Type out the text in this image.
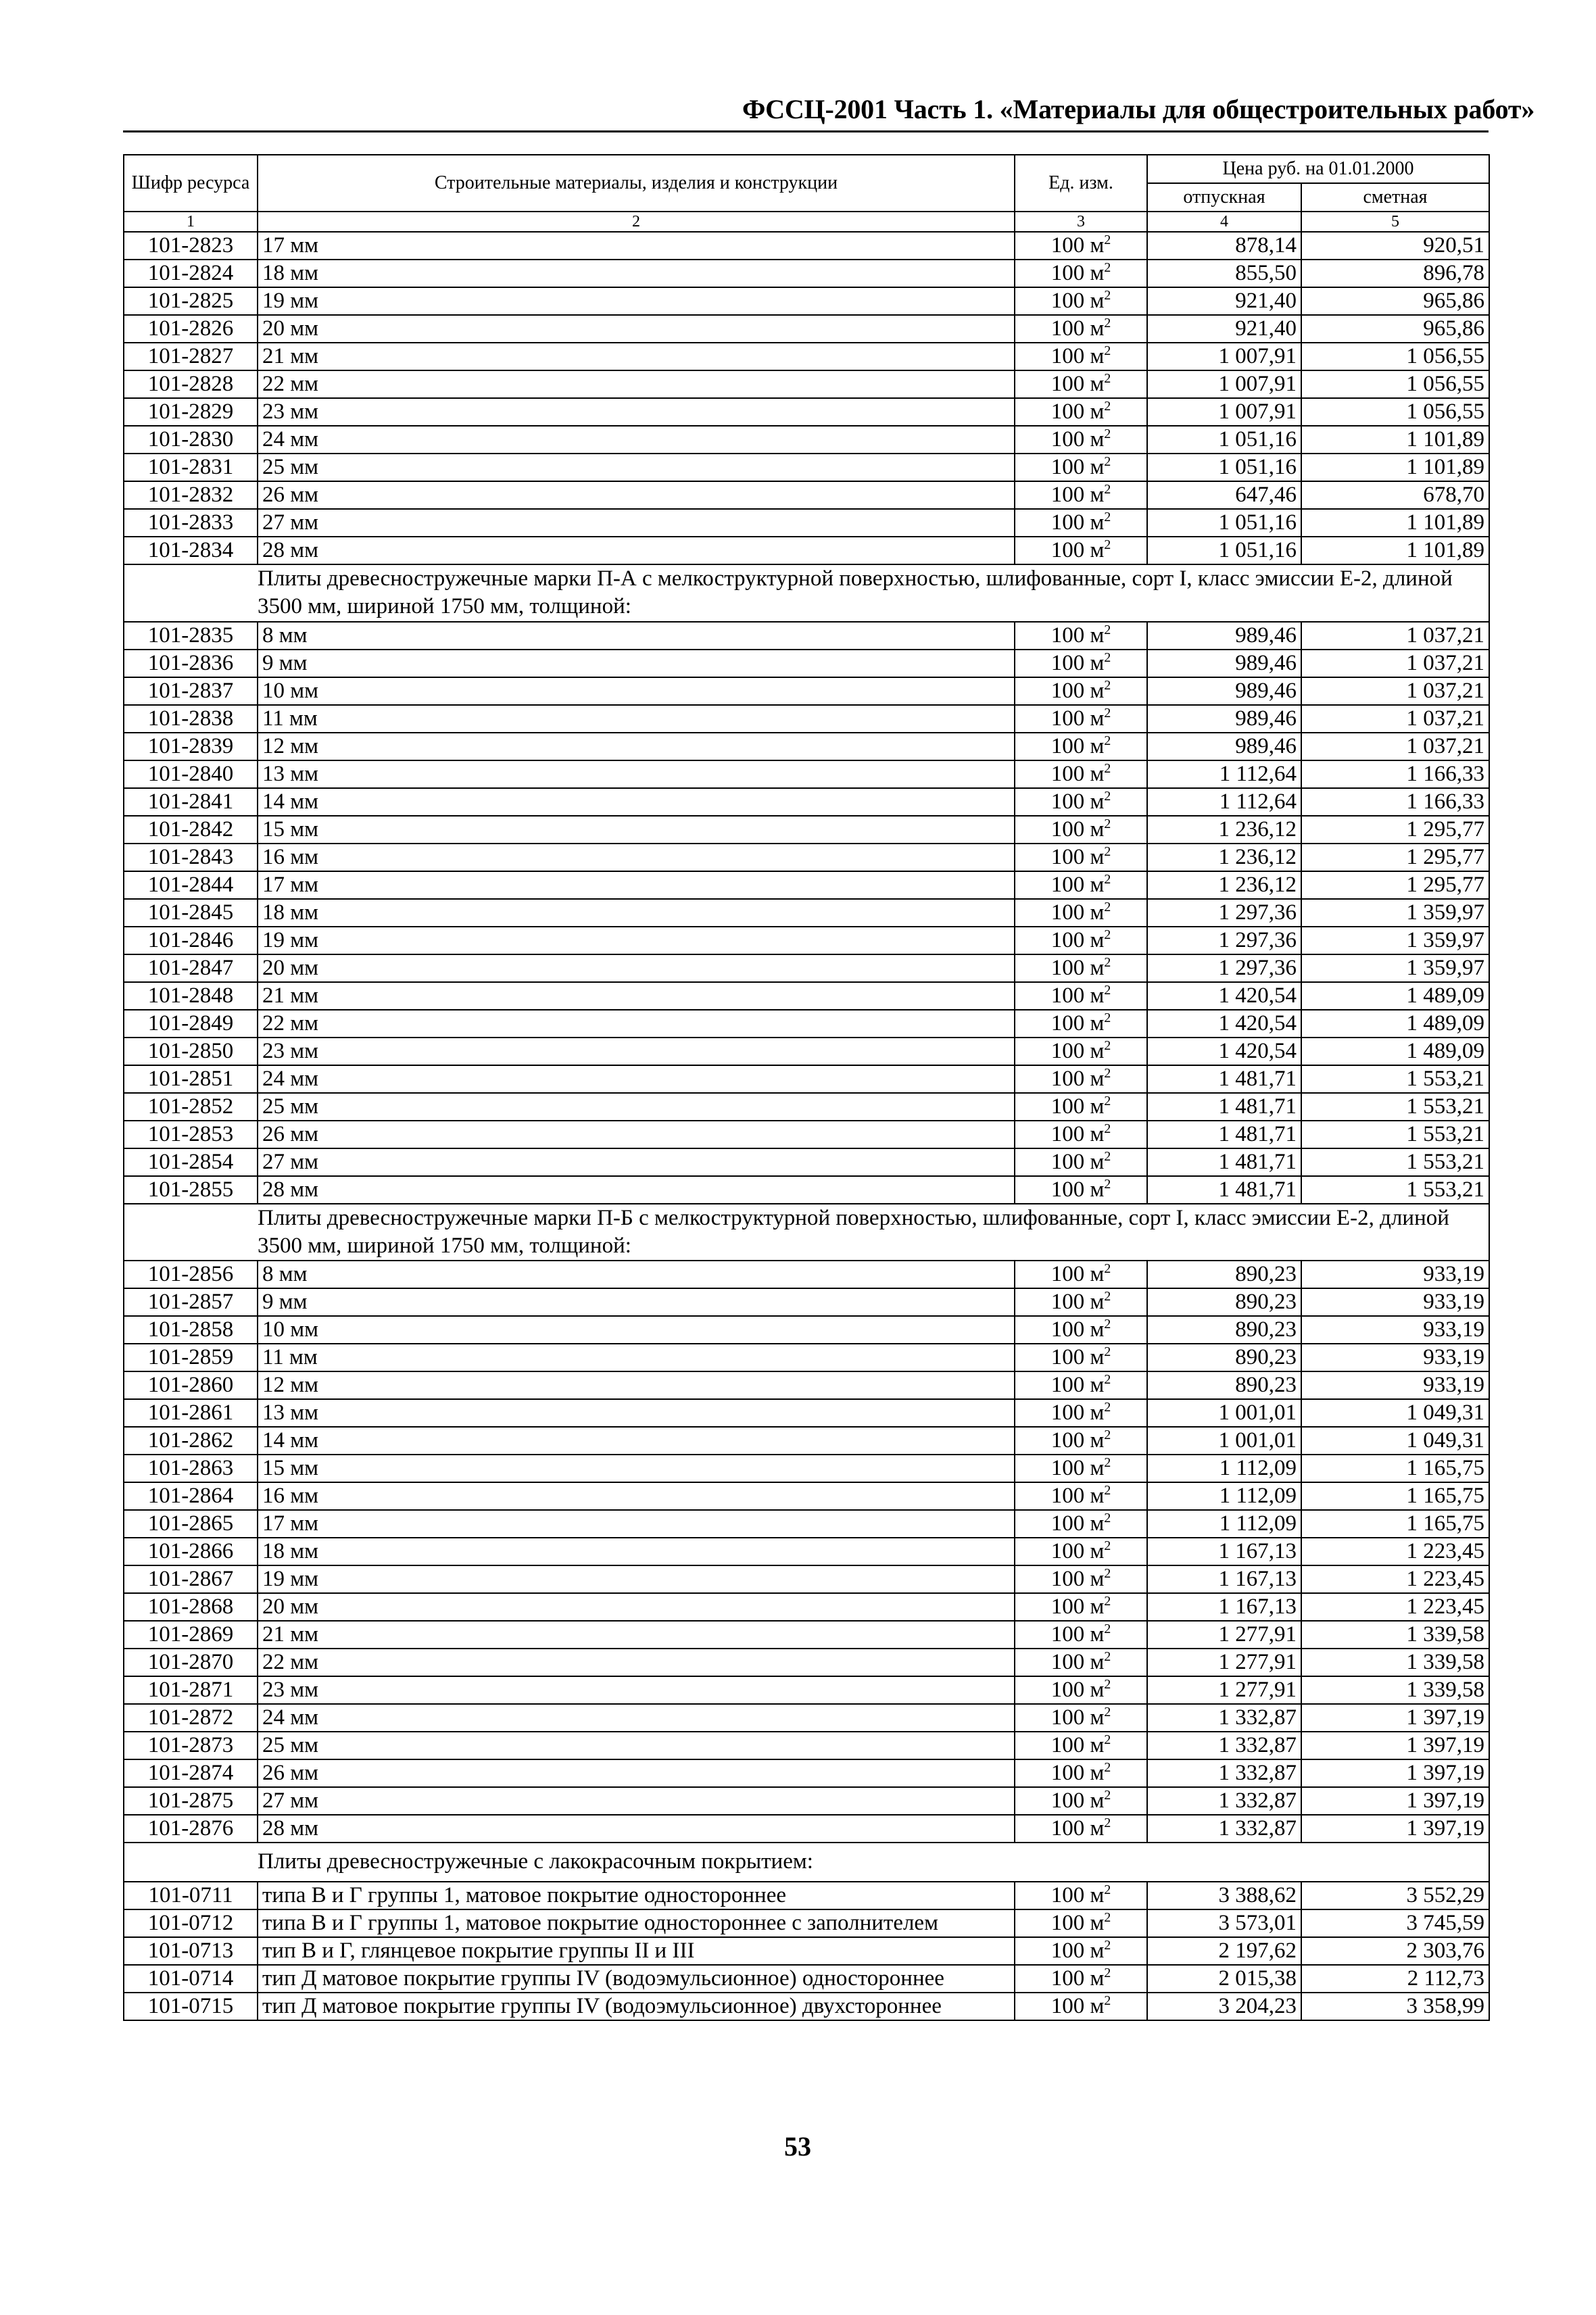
ФССЦ-2001 Часть 1. «Материалы для общестроительных работ»
Шифр ресурса	Строительные материалы, изделия и конструкции	Ед. изм.	Цена руб. на 01.01.2000	
			отпускная	сметная
1	2	3	4	5
101-2823	17 мм	100 $м^2$	878,14	920,51
101-2824	18 мм	100 $м^2$	855,50	896,78
101-2825	19 мм	100 $м^2$	921,40	965,86
101-2826	20 мм	100 $м^2$	921,40	965,86
101-2827	21 мм	100 $м^2$	1 007,91	1 056,55
101-2828	22 мм	100 $м^2$	1 007,91	1 056,55
101-2829	23 мм	100 $м^2$	1 007,91	1 056,55
101-2830	24 мм	100 $м^2$	1 051,16	1 101,89
101-2831	25 мм	100 $м^2$	1 051,16	1 101,89
101-2832	26 мм	100 $м^2$	647,46	678,70
101-2833	27 мм	100 $м^2$	1 051,16	1 101,89
101-2834	28 мм	100 $м^2$	1 051,16	1 101,89
	Плиты древесностружечные марки П-А с мелкоструктурной поверхностью, шлифованные, сорт I, класс эмиссии Е-2, длиной 3500 мм, шириной 1750 мм, толщиной:			
101-2835	8 мм	100 $м^2$	989,46	1 037,21
101-2836	9 мм	100 $м^2$	989,46	1 037,21
101-2837	10 мм	100 $м^2$	989,46	1 037,21
101-2838	11 мм	100 $м^2$	989,46	1 037,21
101-2839	12 мм	100 $м^2$	989,46	1 037,21
101-2840	13 мм	100 $м^2$	1 112,64	1 166,33
101-2841	14 мм	100 $м^2$	1 112,64	1 166,33
101-2842	15 мм	100 $м^2$	1 236,12	1 295,77
101-2843	16 мм	100 $м^2$	1 236,12	1 295,77
101-2844	17 мм	100 $м^2$	1 236,12	1 295,77
101-2845	18 мм	100 $м^2$	1 297,36	1 359,97
101-2846	19 мм	100 $м^2$	1 297,36	1 359,97
101-2847	20 мм	100 $м^2$	1 297,36	1 359,97
101-2848	21 мм	100 $м^2$	1 420,54	1 489,09
101-2849	22 мм	100 $м^2$	1 420,54	1 489,09
101-2850	23 мм	100 $м^2$	1 420,54	1 489,09
101-2851	24 мм	100 $м^2$	1 481,71	1 553,21
101-2852	25 мм	100 $м^2$	1 481,71	1 553,21
101-2853	26 мм	100 $м^2$	1 481,71	1 553,21
101-2854	27 мм	100 $м^2$	1 481,71	1 553,21
101-2855	28 мм	100 $м^2$	1 481,71	1 553,21
	Плиты древесностружечные марки П-Б с мелкоструктурной поверхностью, шлифованные, сорт I, класс эмиссии Е-2, длиной 3500 мм, шириной 1750 мм, толщиной:			
101-2856	8 мм	100 $м^2$	890,23	933,19
101-2857	9 мм	100 $м^2$	890,23	933,19
101-2858	10 мм	100 $м^2$	890,23	933,19
101-2859	11 мм	100 $м^2$	890,23	933,19
101-2860	12 мм	100 $м^2$	890,23	933,19
101-2861	13 мм	100 $м^2$	1 001,01	1 049,31
101-2862	14 мм	100 $м^2$	1 001,01	1 049,31
101-2863	15 мм	100 $м^2$	1 112,09	1 165,75
101-2864	16 мм	100 $м^2$	1 112,09	1 165,75
101-2865	17 мм	100 $м^2$	1 112,09	1 165,75
101-2866	18 мм	100 $м^2$	1 167,13	1 223,45
101-2867	19 мм	100 $м^2$	1 167,13	1 223,45
101-2868	20 мм	100 $м^2$	1 167,13	1 223,45
101-2869	21 мм	100 $м^2$	1 277,91	1 339,58
101-2870	22 мм	100 $м^2$	1 277,91	1 339,58
101-2871	23 мм	100 $м^2$	1 277,91	1 339,58
101-2872	24 мм	100 $м^2$	1 332,87	1 397,19
101-2873	25 мм	100 $м^2$	1 332,87	1 397,19
101-2874	26 мм	100 $м^2$	1 332,87	1 397,19
101-2875	27 мм	100 $м^2$	1 332,87	1 397,19
101-2876	28 мм	100 $м^2$	1 332,87	1 397,19
	Плиты древесностружечные с лакокрасочным покрытием:			
101-0711	типа В и Г группы 1, матовое покрытие одностороннее	100 $м^2$	3 388,62	3 552,29
101-0712	типа В и Г группы 1, матовое покрытие одностороннее с заполнителем	100 $м^2$	3 573,01	3 745,59
101-0713	тип В и Г, глянцевое покрытие группы II и III	100 $м^2$	2 197,62	2 303,76
101-0714	тип Д матовое покрытие группы IV (водоэмульсионное) одностороннее	100 $м^2$	2 015,38	2 112,73
101-0715	тип Д матовое покрытие группы IV (водоэмульсионное) двухстороннее	100 $м^2$	3 204,23	3 358,99
53
